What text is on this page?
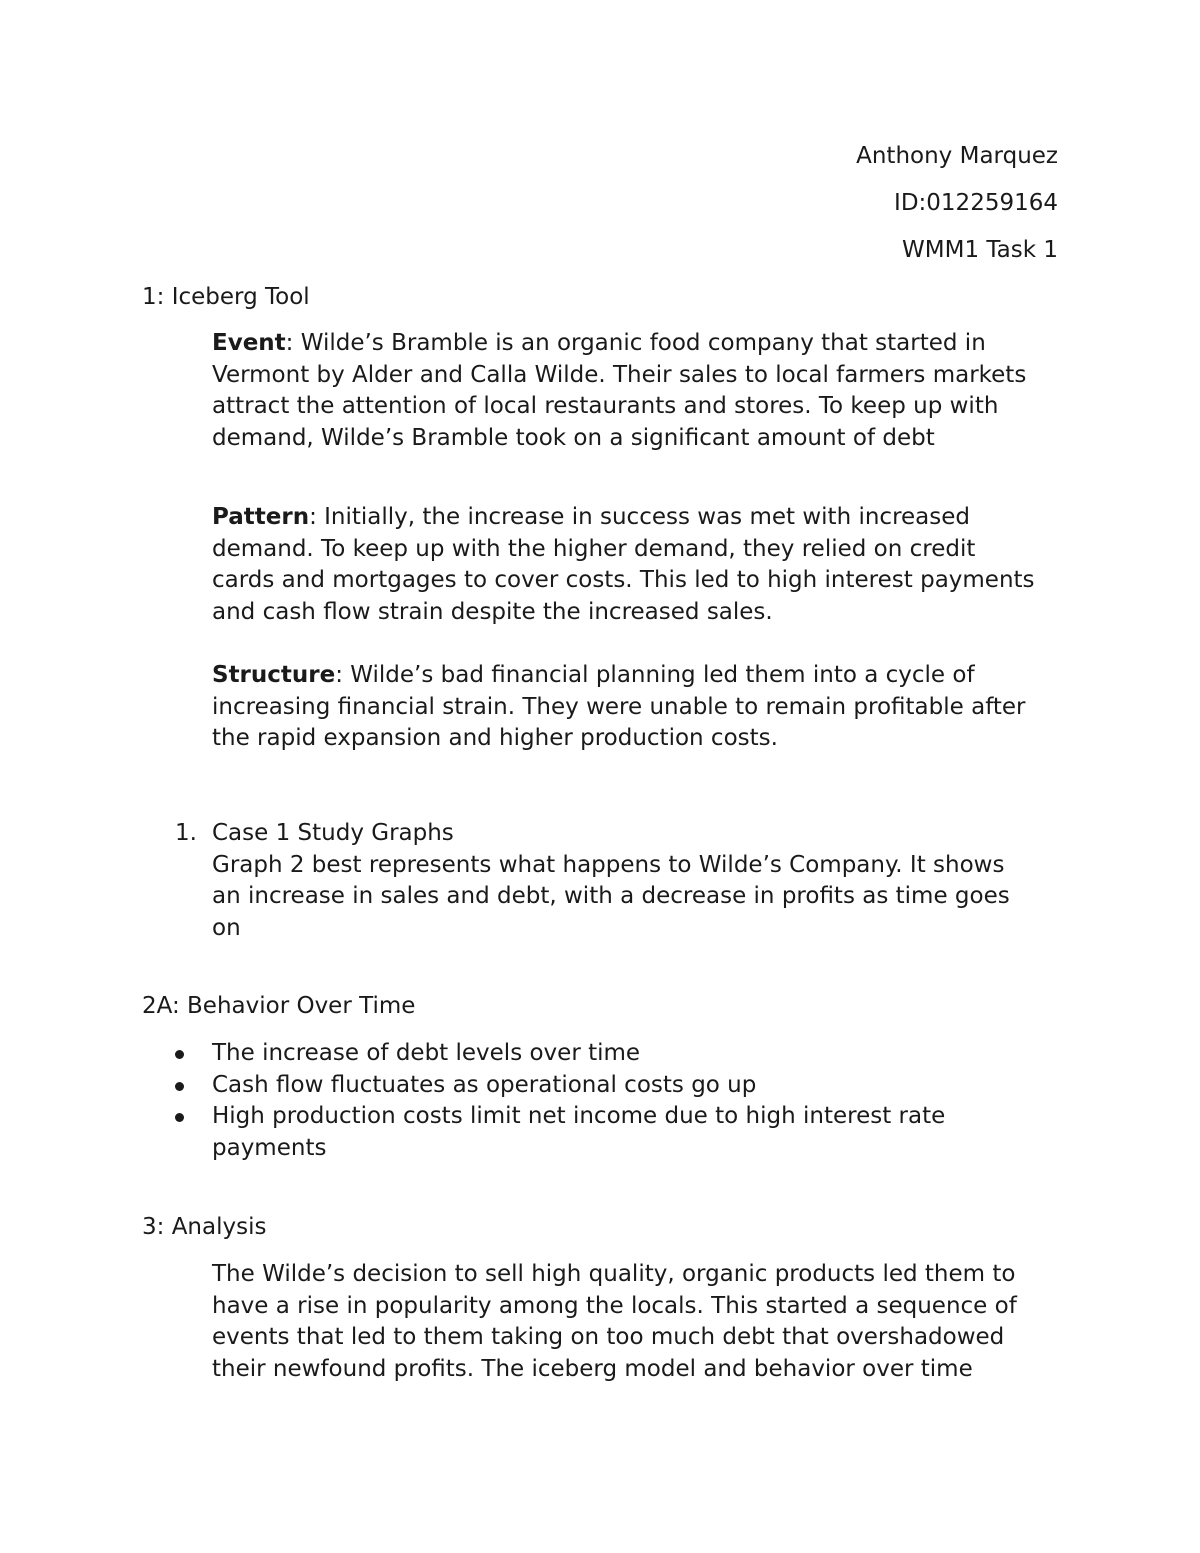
Anthony Marquez
ID:012259164
WMM1 Task 1
1: Iceberg Tool
Event: Wilde’s Bramble is an organic food company that started in
Vermont by Alder and Calla Wilde. Their sales to local farmers markets
attract the attention of local restaurants and stores. To keep up with
demand, Wilde’s Bramble took on a significant amount of debt
Pattern: Initially, the increase in success was met with increased
demand. To keep up with the higher demand, they relied on credit
cards and mortgages to cover costs. This led to high interest payments
and cash flow strain despite the increased sales.
Structure: Wilde’s bad financial planning led them into a cycle of
increasing financial strain. They were unable to remain profitable after
the rapid expansion and higher production costs.
1. Case 1 Study Graphs
Graph 2 best represents what happens to Wilde’s Company. It shows
an increase in sales and debt, with a decrease in profits as time goes
on
2A: Behavior Over Time
The increase of debt levels over time
Cash flow fluctuates as operational costs go up
High production costs limit net income due to high interest rate
payments
3: Analysis
The Wilde’s decision to sell high quality, organic products led them to
have a rise in popularity among the locals. This started a sequence of
events that led to them taking on too much debt that overshadowed
their newfound profits. The iceberg model and behavior over time
